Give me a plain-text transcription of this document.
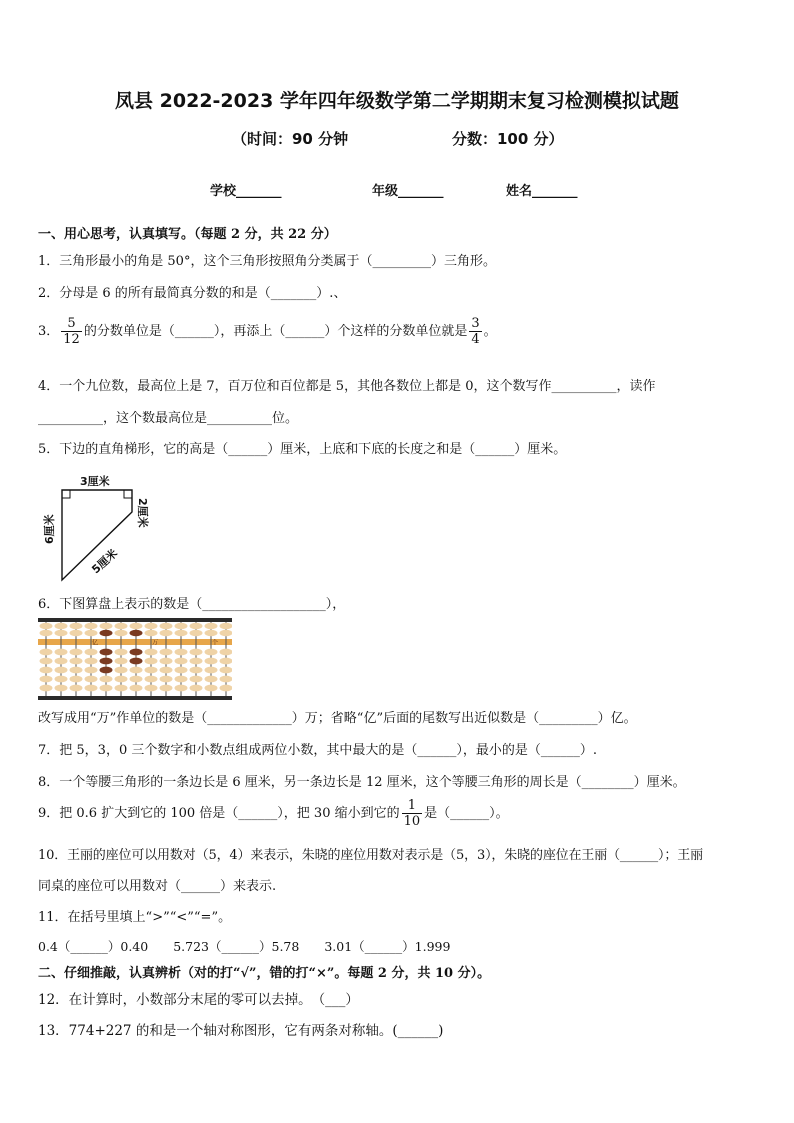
凤县 2022-2023 学年四年级数学第二学期期末复习检测模拟试题
（时间：90 分钟	分数：100 分）
学校_______	年级_______	姓名_______
一、用心思考，认真填写。（每题 2 分，共 22 分）
1．三角形最小的角是 50°，这个三角形按照角分类属于（_________）三角形。
2．分母是 6 的所有最简真分数的和是（_______）.、
3． $\frac{5}{12}$ 的分数单位是（______），再添上（______）个这样的分数单位就是 $\frac{3}{4}$ 。
4．一个九位数，最高位上是 7，百万位和百位都是 5，其他各数位上都是 0，这个数写作__________，读作
__________，这个数最高位是__________位。
5．下边的直角梯形，它的高是（______）厘米，上底和下底的长度之和是（______）厘米。
3厘米
2厘米
6厘米
5厘米
6．下图算盘上表示的数是（___________________），
亿	万	个
改写成用“万”作单位的数是（_____________）万；省略“亿”后面的尾数写出近似数是（_________）亿。
7．把 5，3，0 三个数字和小数点组成两位小数，其中最大的是（______），最小的是（______）.
8．一个等腰三角形的一条边长是 6 厘米，另一条边长是 12 厘米，这个等腰三角形的周长是（________）厘米。
9．把 0.6 扩大到它的 100 倍是（______），把 30 缩小到它的 $\frac{1}{10}$ 是（______）。
10．王丽的座位可以用数对（5，4）来表示，朱晓的座位用数对表示是（5，3），朱晓的座位在王丽（______）；王丽
同桌的座位可以用数对（______）来表示.
11．在括号里填上“>”“<”“=”。
0.4（______）0.40　　5.723（______）5.78　　3.01（______）1.999
二、仔细推敲，认真辨析（对的打“√”，错的打“×”。每题 2 分，共 10 分）。
12．在计算时，小数部分末尾的零可以去掉。　（___）
13．774+227 的和是一个轴对称图形，它有两条对称轴。(______)
